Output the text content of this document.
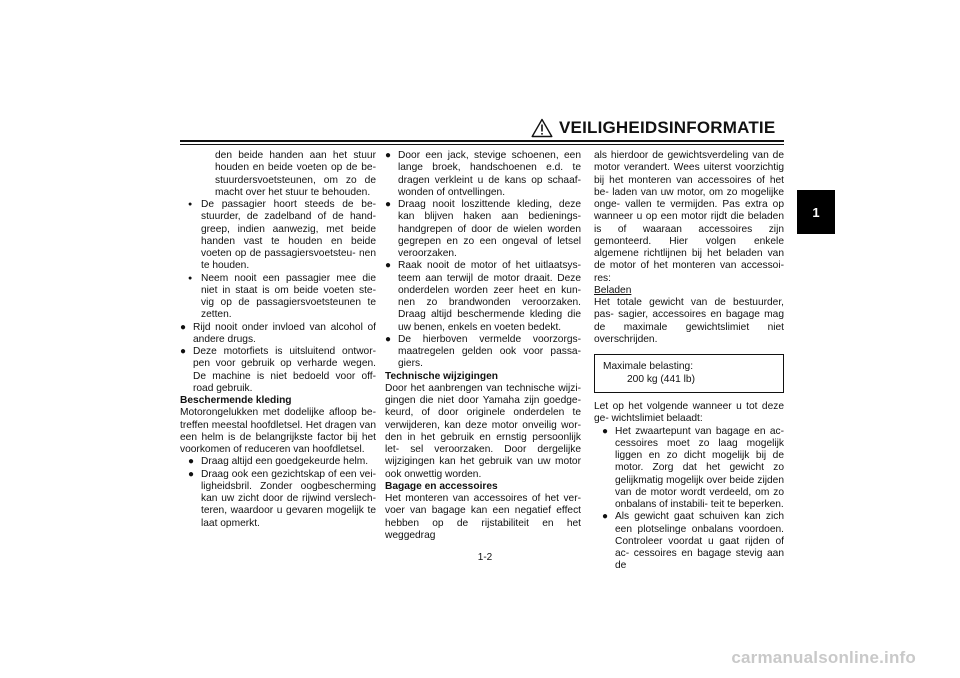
VEILIGHEIDSINFORMATIE

den beide handen aan het stuur houden en beide voeten op de be- stuurdersvoetsteunen, om zo de macht over het stuur te behouden.

● De passagier hoort steeds de be- stuurder, de zadelband of de hand- greep, indien aanwezig, met beide handen vast te houden en beide voeten op de passagiersvoetsteu- nen te houden.
● Neem nooit een passagier mee die niet in staat is om beide voeten ste- vig op de passagiersvoetsteunen te zetten.
● Rijd nooit onder invloed van alcohol of andere drugs.
● Deze motorfiets is uitsluitend ontwor- pen voor gebruik op verharde wegen. De machine is niet bedoeld voor off-road gebruik.

Beschermende kleding

Motorongelukken met dodelijke afloop be- treffen meestal hoofdletsel. Het dragen van een helm is de belangrijkste factor bij het voorkomen of reduceren van hoofdletsel.

● Draag altijd een goedgekeurde helm.
● Draag ook een gezichtskap of een vei- ligheidsbril. Zonder oogbescherming kan uw zicht door de rijwind verslech- teren, waardoor u gevaren mogelijk te laat opmerkt.
● Door een jack, stevige schoenen, een lange broek, handschoenen e.d. te dragen verkleint u de kans op schaaf- wonden of ontvellingen.
● Draag nooit loszittende kleding, deze kan blijven haken aan bedienings- handgrepen of door de wielen worden gegrepen en zo een ongeval of letsel veroorzaken.
● Raak nooit de motor of het uitlaatsys- teem aan terwijl de motor draait. Deze onderdelen worden zeer heet en kun- nen zo brandwonden veroorzaken. Draag altijd beschermende kleding die uw benen, enkels en voeten bedekt.
● De hierboven vermelde voorzorgs- maatregelen gelden ook voor passa- giers.

Technische wijzigingen

Door het aanbrengen van technische wijzi- gingen die niet door Yamaha zijn goedge- keurd, of door originele onderdelen te verwijderen, kan deze motor onveilig wor- den in het gebruik en ernstig persoonlijk let- sel veroorzaken. Door dergelijke wijzigingen kan het gebruik van uw motor ook onwettig worden.

Bagage en accessoires

Het monteren van accessoires of het ver- voer van bagage kan een negatief effect hebben op de rijstabiliteit en het weggedrag

als hierdoor de gewichtsverdeling van de motor verandert. Wees uiterst voorzichtig bij het monteren van accessoires of het be- laden van uw motor, om zo mogelijke onge- vallen te vermijden. Pas extra op wanneer u op een motor rijdt die beladen is of waaraan accessoires zijn gemonteerd. Hier volgen enkele algemene richtlijnen bij het beladen van de motor of het monteren van accessoi- res:

Beladen

Het totale gewicht van de bestuurder, pas- sagier, accessoires en bagage mag de maximale gewichtslimiet niet overschrijden.

Maximale belasting:
200 kg (441 lb)

Let op het volgende wanneer u tot deze ge- wichtslimiet belaadt:

● Het zwaartepunt van bagage en ac- cessoires moet zo laag mogelijk liggen en zo dicht mogelijk bij de motor. Zorg dat het gewicht zo gelijkmatig mogelijk over beide zijden van de motor wordt verdeeld, om zo onbalans of instabili- teit te beperken.
● Als gewicht gaat schuiven kan zich een plotselinge onbalans voordoen. Controleer voordat u gaat rijden of ac- cessoires en bagage stevig aan de
1
1-2
carmanualsonline.info
